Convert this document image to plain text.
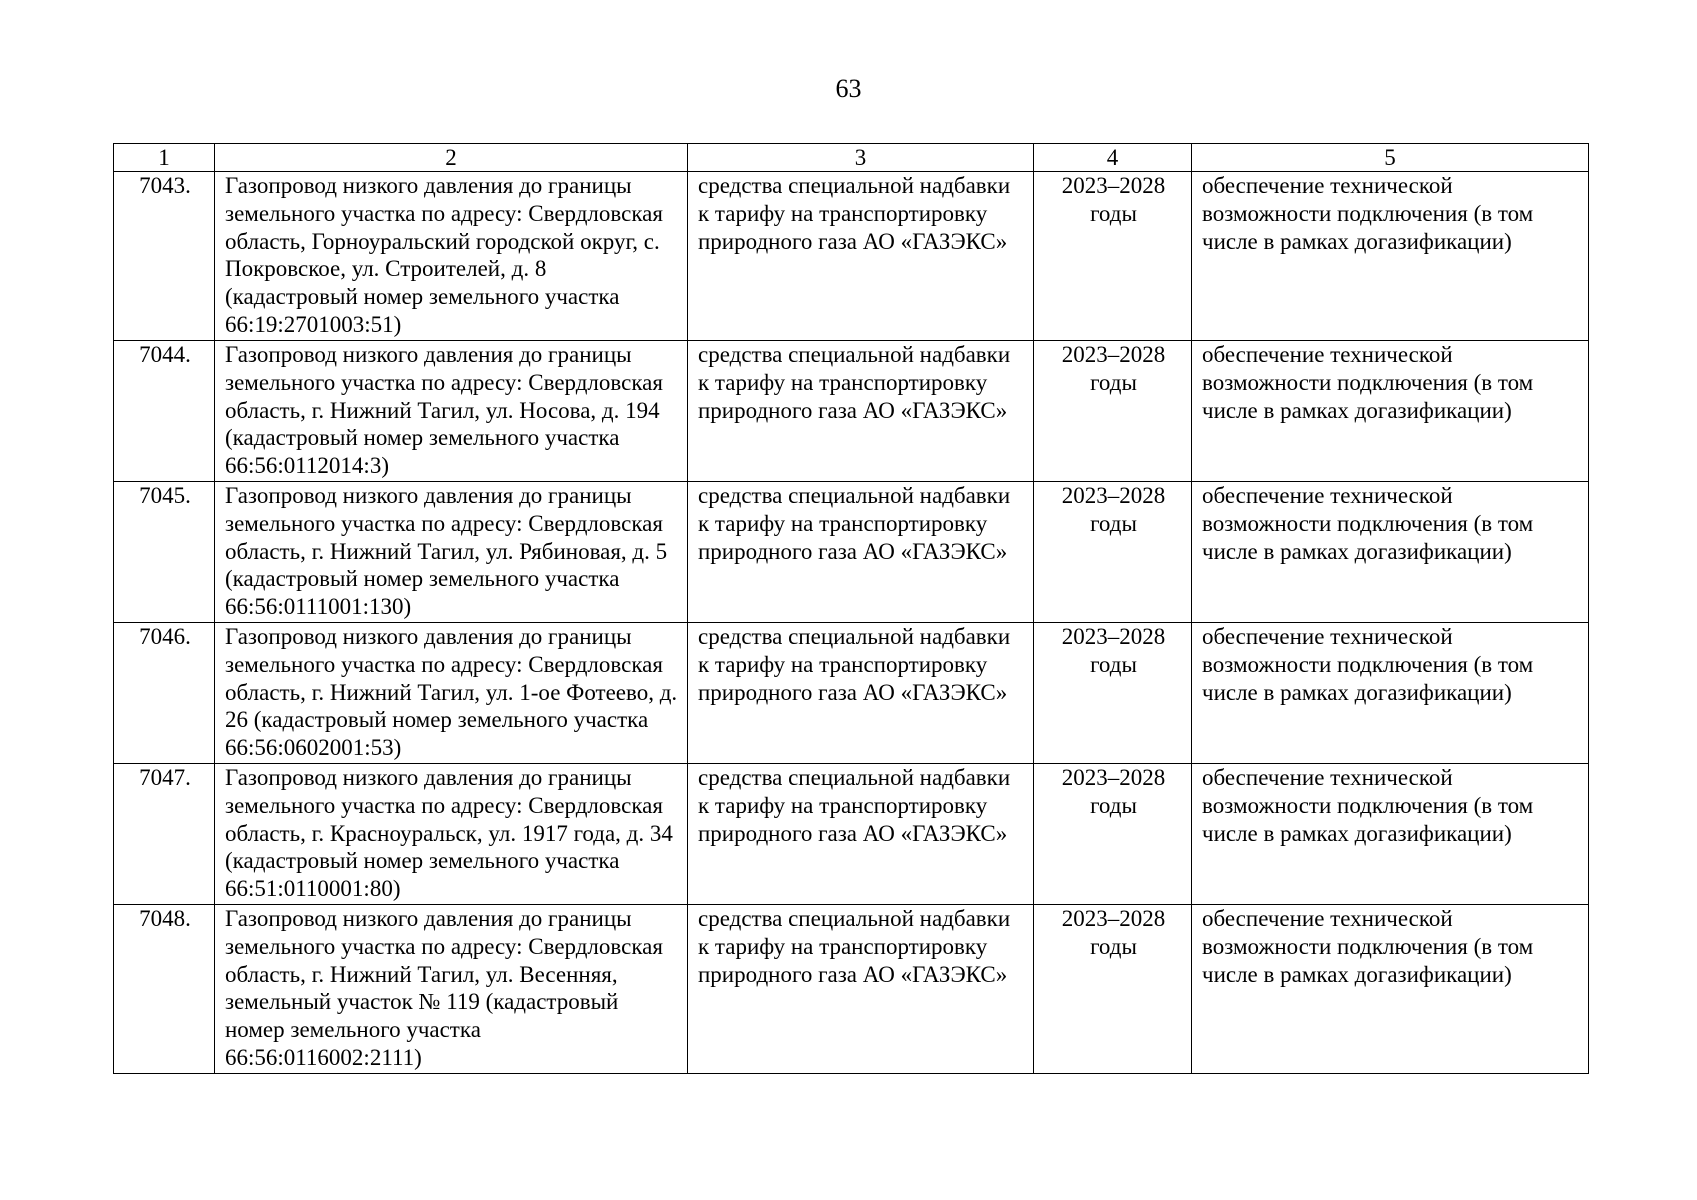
63
1	2	3	4	5
7043.	Газопровод низкого давления до границы земельного участка по адресу: Свердловская область, Горноуральский городской округ, с. Покровское, ул. Строителей, д. 8 (кадастровый номер земельного участка 66:19:2701003:51)	средства специальной надбавки к тарифу на транспортировку природного газа АО «ГАЗЭКС»	2023–2028 годы	обеспечение технической возможности подключения (в том числе в рамках догазификации)
7044.	Газопровод низкого давления до границы земельного участка по адресу: Свердловская область, г. Нижний Тагил, ул. Носова, д. 194 (кадастровый номер земельного участка 66:56:0112014:3)	средства специальной надбавки к тарифу на транспортировку природного газа АО «ГАЗЭКС»	2023–2028 годы	обеспечение технической возможности подключения (в том числе в рамках догазификации)
7045.	Газопровод низкого давления до границы земельного участка по адресу: Свердловская область, г. Нижний Тагил, ул. Рябиновая, д. 5 (кадастровый номер земельного участка 66:56:0111001:130)	средства специальной надбавки к тарифу на транспортировку природного газа АО «ГАЗЭКС»	2023–2028 годы	обеспечение технической возможности подключения (в том числе в рамках догазификации)
7046.	Газопровод низкого давления до границы земельного участка по адресу: Свердловская область, г. Нижний Тагил, ул. 1-ое Фотеево, д. 26 (кадастровый номер земельного участка 66:56:0602001:53)	средства специальной надбавки к тарифу на транспортировку природного газа АО «ГАЗЭКС»	2023–2028 годы	обеспечение технической возможности подключения (в том числе в рамках догазификации)
7047.	Газопровод низкого давления до границы земельного участка по адресу: Свердловская область, г. Красноуральск, ул. 1917 года, д. 34 (кадастровый номер земельного участка 66:51:0110001:80)	средства специальной надбавки к тарифу на транспортировку природного газа АО «ГАЗЭКС»	2023–2028 годы	обеспечение технической возможности подключения (в том числе в рамках догазификации)
7048.	Газопровод низкого давления до границы земельного участка по адресу: Свердловская область, г. Нижний Тагил, ул. Весенняя, земельный участок № 119 (кадастровый номер земельного участка 66:56:0116002:2111)	средства специальной надбавки к тарифу на транспортировку природного газа АО «ГАЗЭКС»	2023–2028 годы	обеспечение технической возможности подключения (в том числе в рамках догазификации)
